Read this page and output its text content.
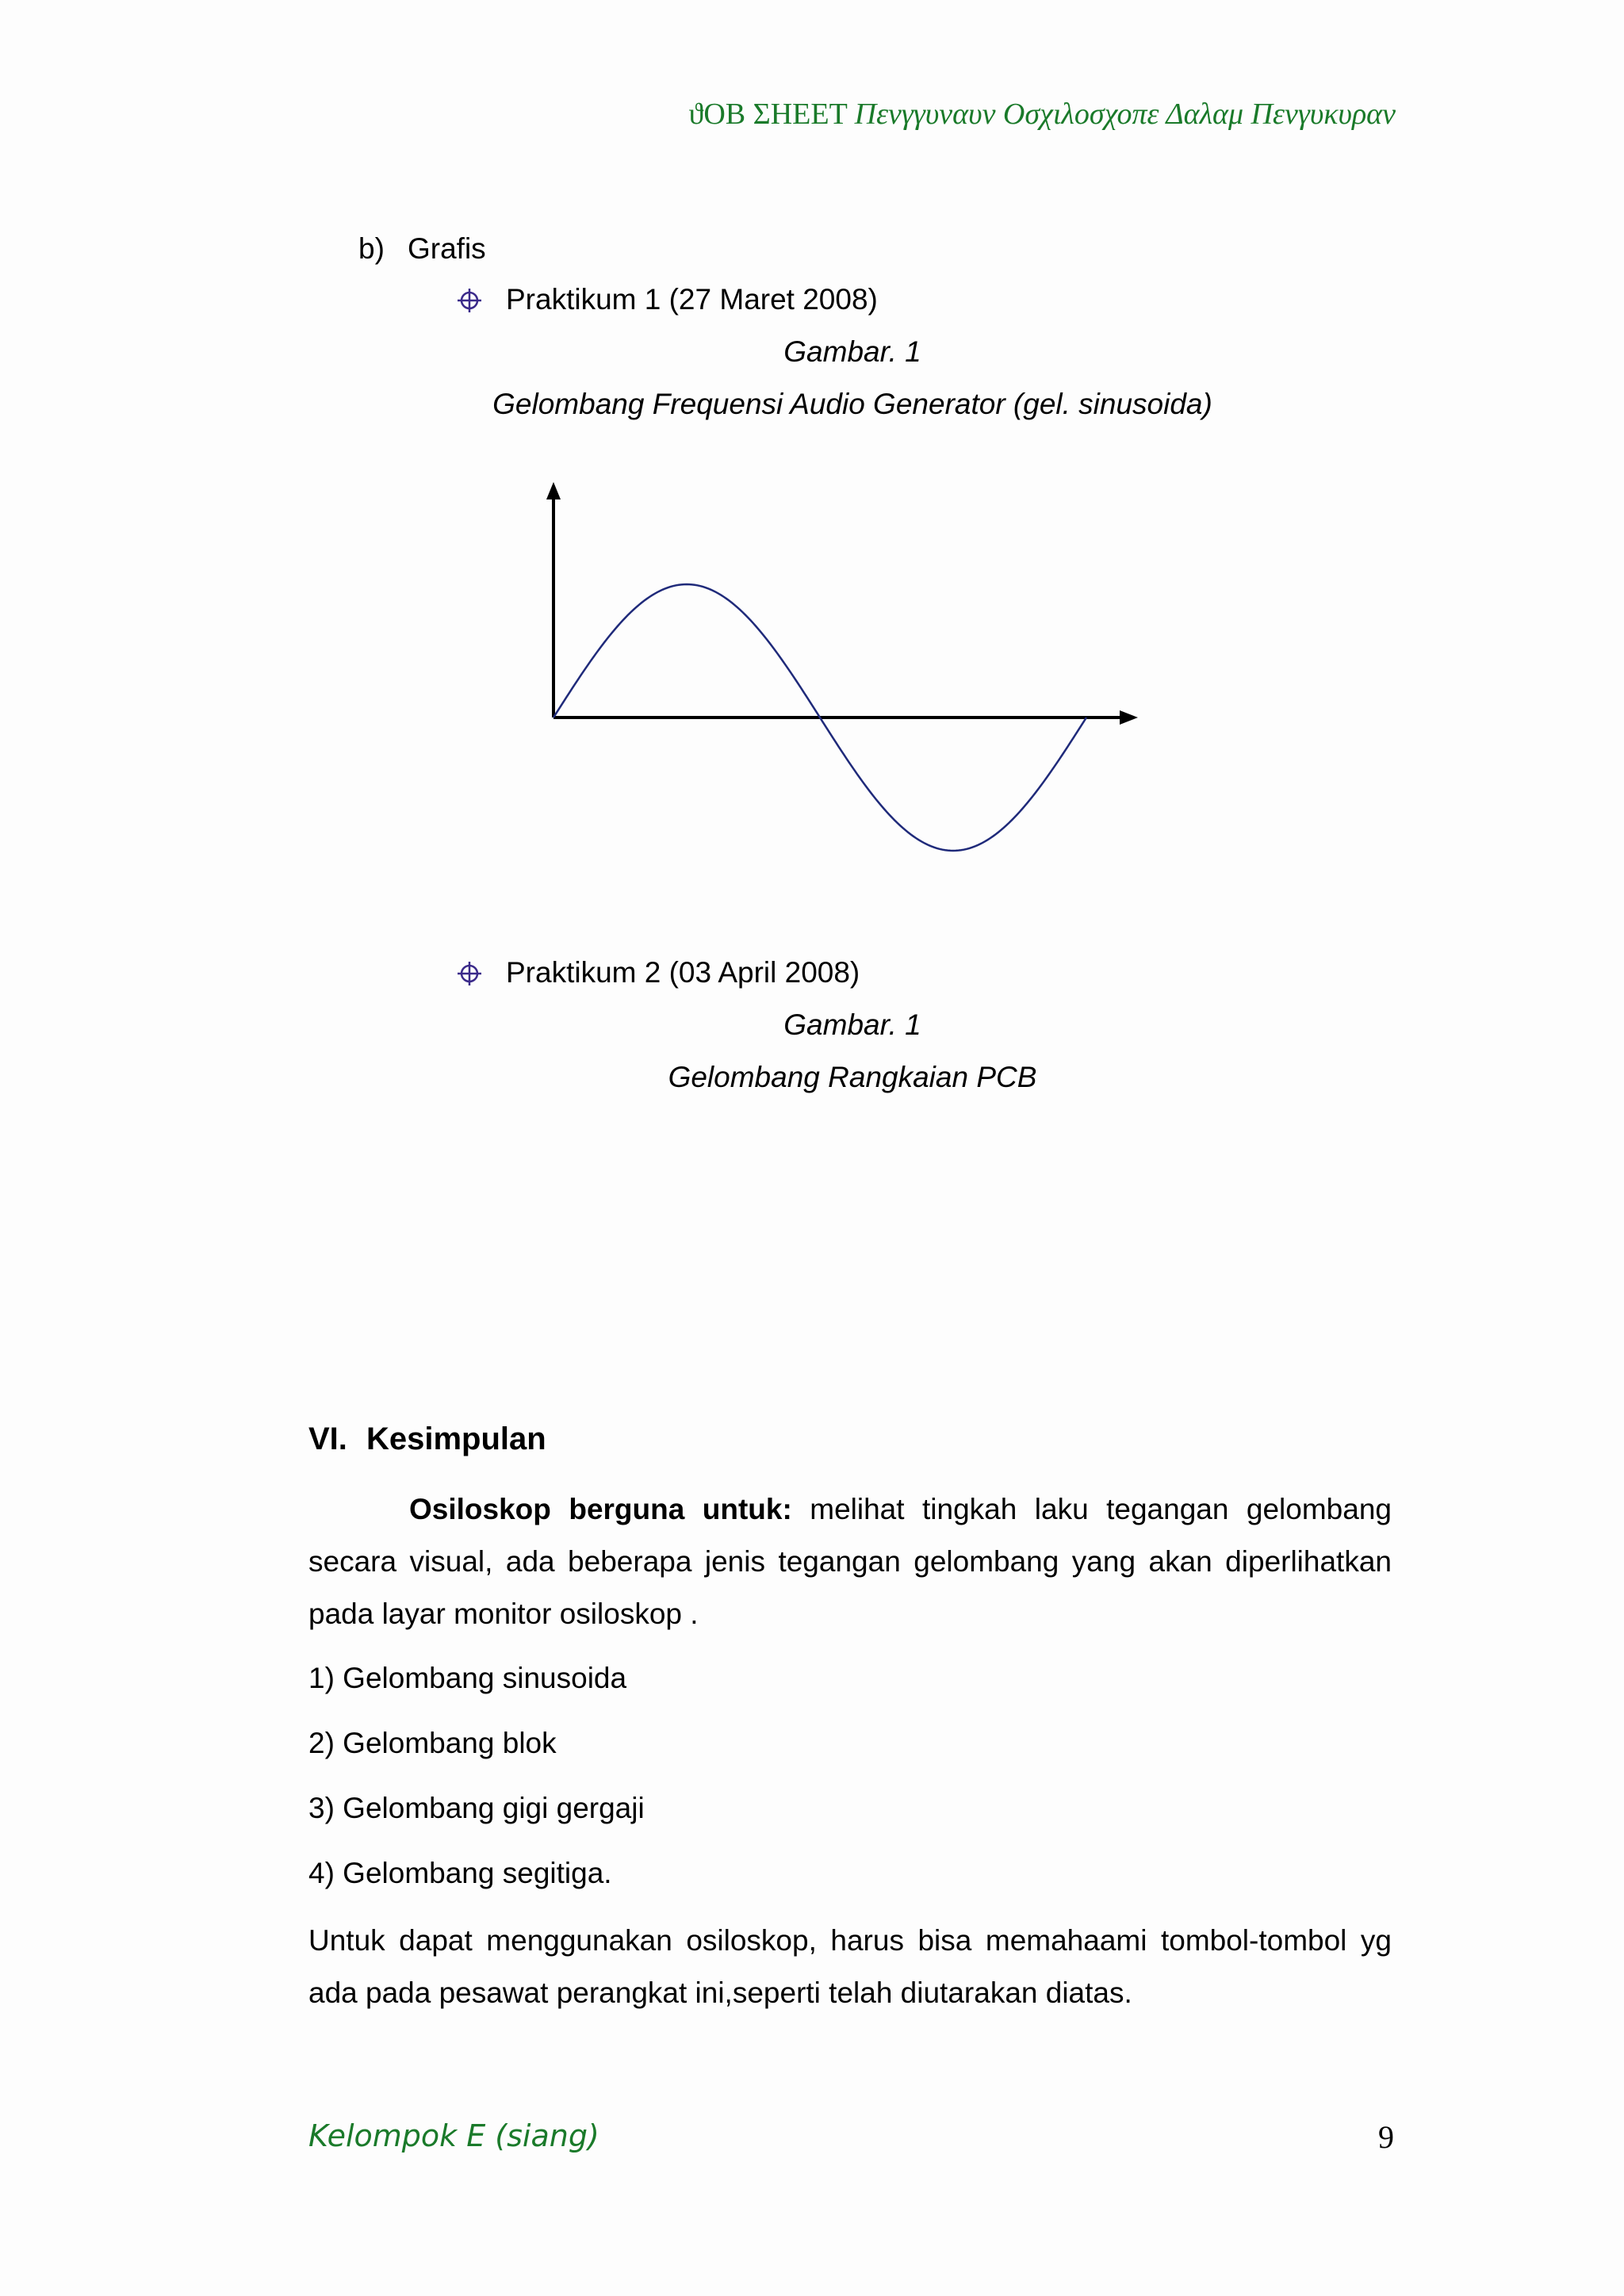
ϑOB ΣHEET Πενγγυναυν Οσχιλοσχοπε Δαλαμ Πενγυκυραν
b) Grafis
Praktikum 1 (27 Maret 2008)
Gambar. 1
Gelombang Frequensi Audio Generator (gel. sinusoida)
Praktikum 2 (03 April 2008)
Gambar. 1
Gelombang Rangkaian PCB
VI. Kesimpulan

Osiloskop berguna untuk: melihat tingkah laku tegangan gelombang secara visual, ada beberapa jenis tegangan gelombang yang akan diperlihatkan pada layar monitor osiloskop .

1) Gelombang sinusoida
2) Gelombang blok
3) Gelombang gigi gergaji
4) Gelombang segitiga.

Untuk dapat menggunakan osiloskop, harus bisa memahaami tombol-tombol yg ada pada pesawat perangkat ini,seperti telah diutarakan diatas.

Kelompok E (siang)	9
